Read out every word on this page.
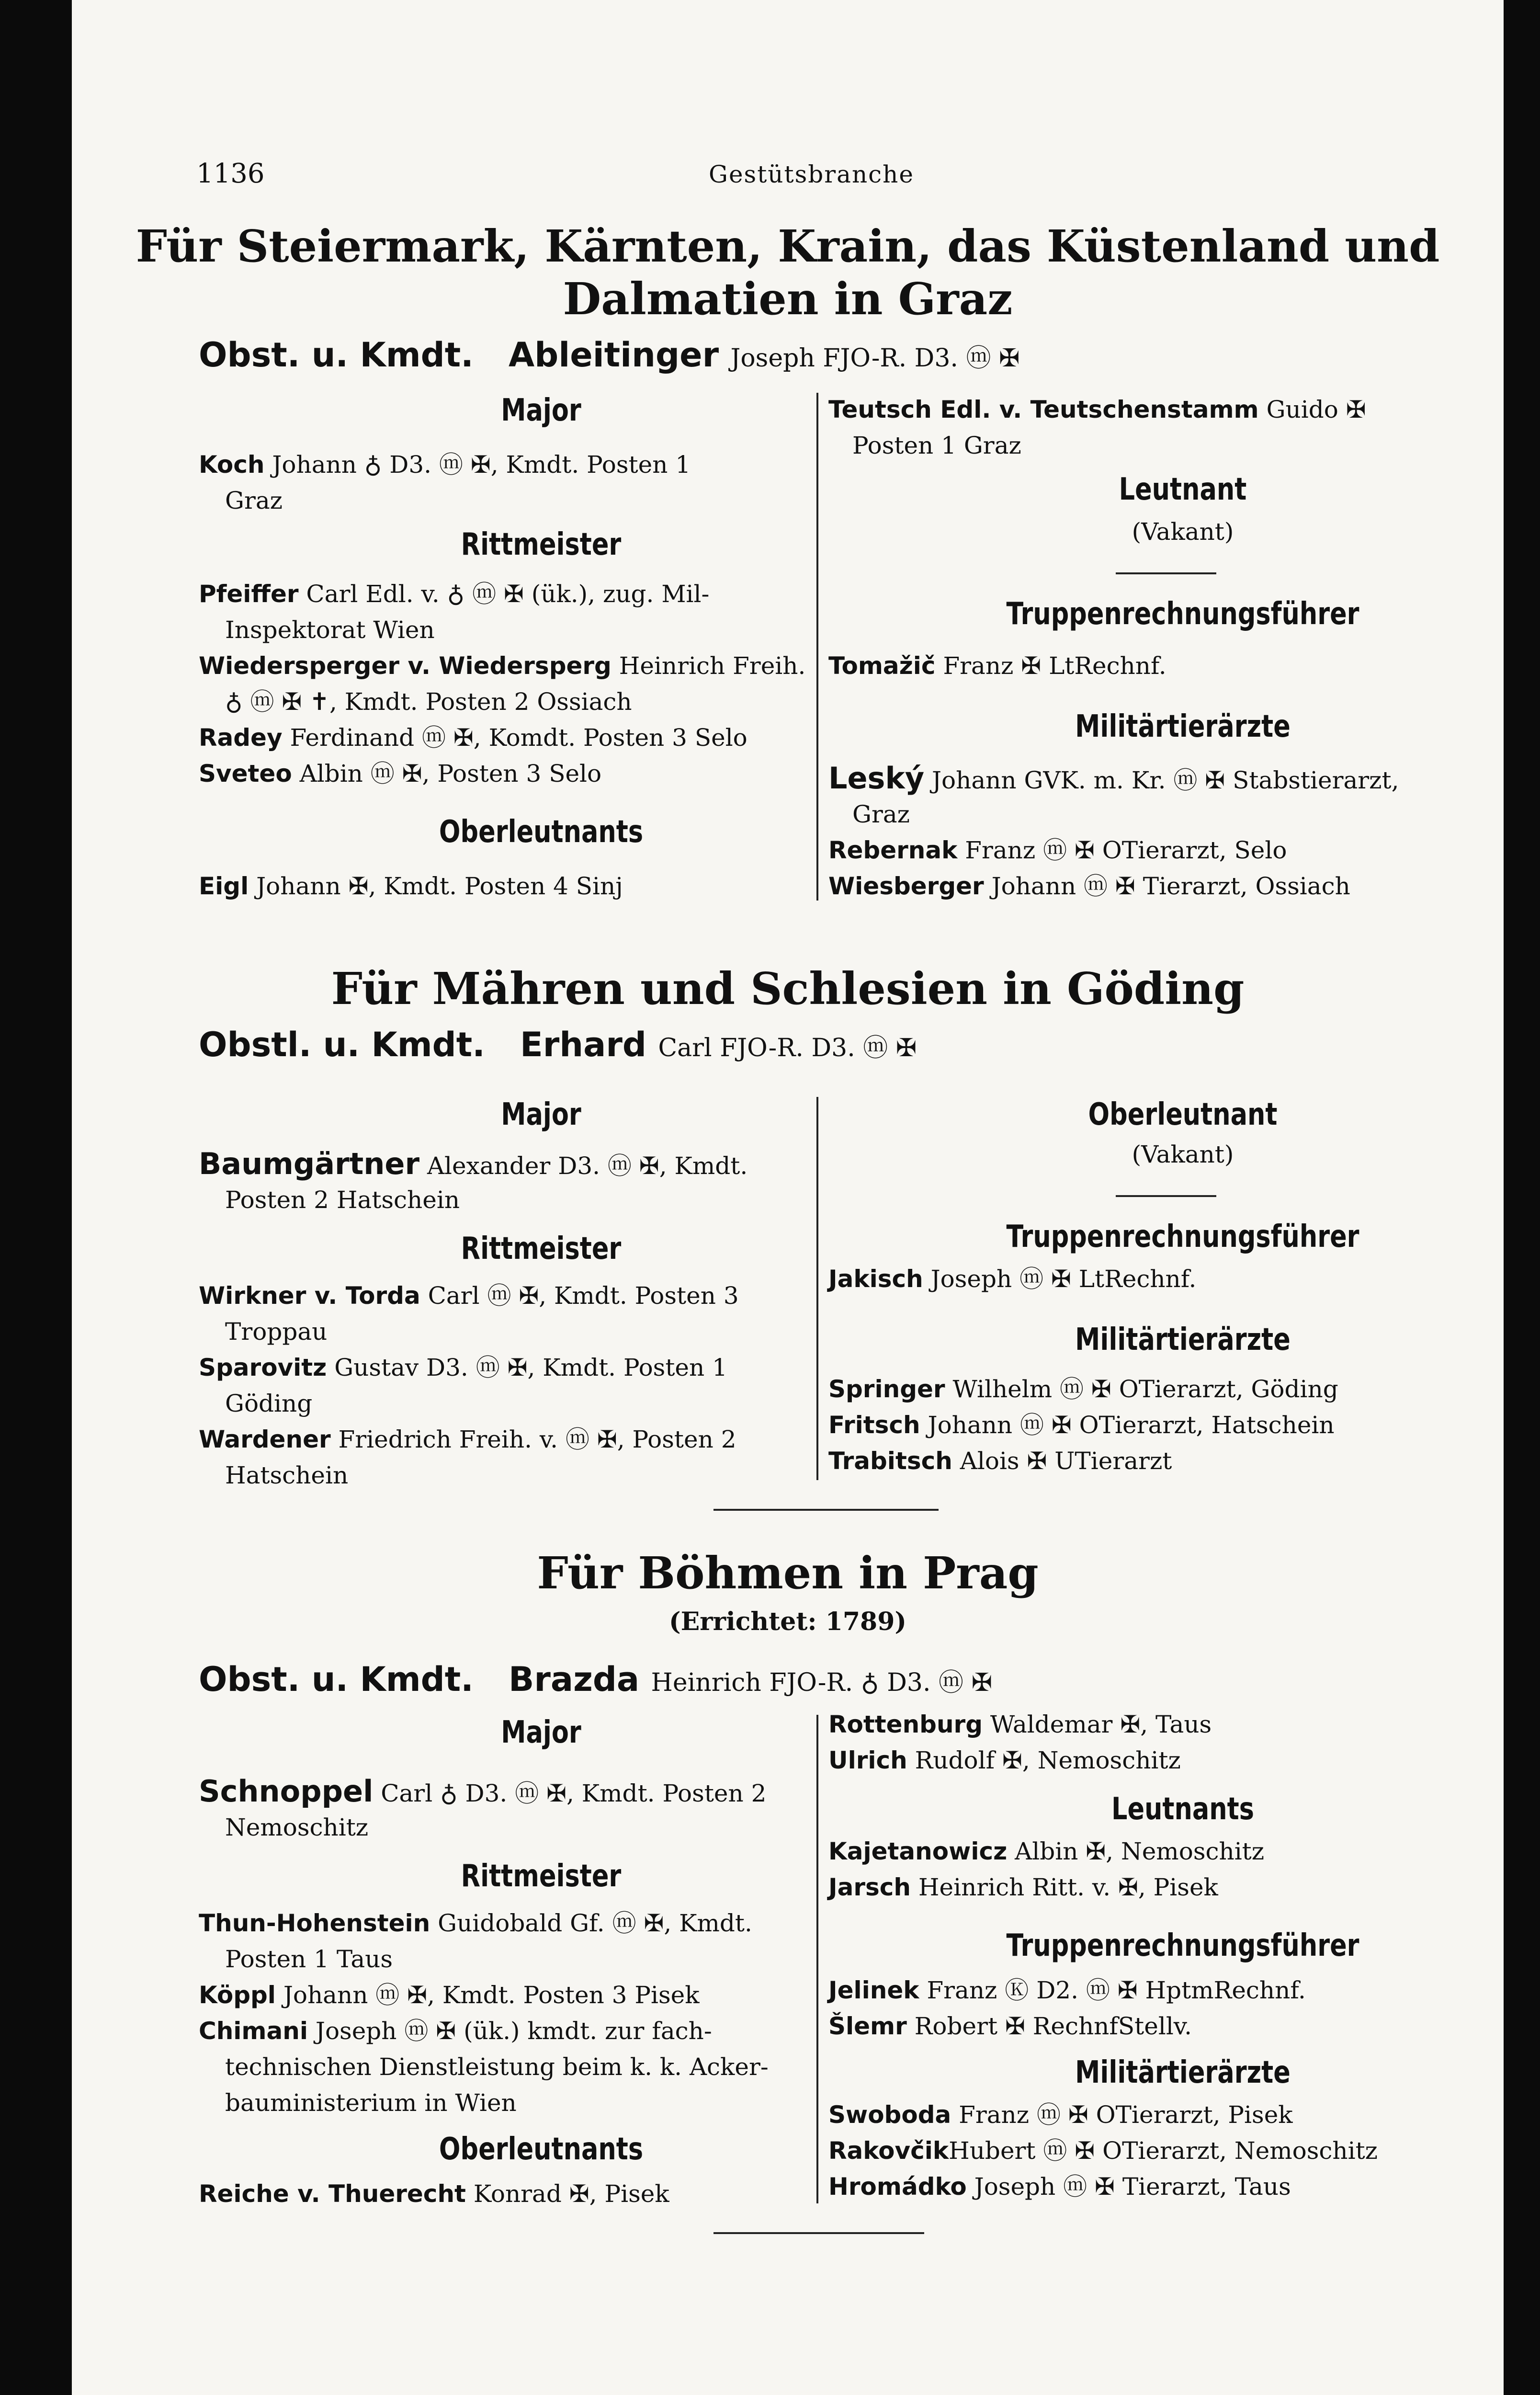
1136	Gestütsbranche
Für Steiermark, Kärnten, Krain, das Küstenland und
Dalmatien in Graz
Obst. u. Kmdt. Ableitinger Joseph FJO-R. D3. ⓜ ✠
Major
Koch Johann ♁ D3. ⓜ ✠, Kmdt. Posten 1
Graz
Rittmeister
Pfeiffer Carl Edl. v. ♁ ⓜ ✠ (ük.), zug. Mil-
Inspektorat Wien
Wiedersperger v. Wiedersperg Heinrich Freih.
♁ ⓜ ✠ ✝, Kmdt. Posten 2 Ossiach
Radey Ferdinand ⓜ ✠, Komdt. Posten 3 Selo
Sveteo Albin ⓜ ✠, Posten 3 Selo
Oberleutnants
Eigl Johann ✠, Kmdt. Posten 4 Sinj
Teutsch Edl. v. Teutschenstamm Guido ✠
Posten 1 Graz
Leutnant
(Vakant)
Truppenrechnungsführer
Tomažič Franz ✠ LtRechnf.
Militärtierärzte
Leský Johann GVK. m. Kr. ⓜ ✠ Stabstierarzt,
Graz
Rebernak Franz ⓜ ✠ OTierarzt, Selo
Wiesberger Johann ⓜ ✠ Tierarzt, Ossiach
Für Mähren und Schlesien in Göding
Obstl. u. Kmdt. Erhard Carl FJO-R. D3. ⓜ ✠
Major
Baumgärtner Alexander D3. ⓜ ✠, Kmdt.
Posten 2 Hatschein
Rittmeister
Wirkner v. Torda Carl ⓜ ✠, Kmdt. Posten 3
Troppau
Sparovitz Gustav D3. ⓜ ✠, Kmdt. Posten 1
Göding
Wardener Friedrich Freih. v. ⓜ ✠, Posten 2
Hatschein
Oberleutnant
(Vakant)
Truppenrechnungsführer
Jakisch Joseph ⓜ ✠ LtRechnf.
Militärtierärzte
Springer Wilhelm ⓜ ✠ OTierarzt, Göding
Fritsch Johann ⓜ ✠ OTierarzt, Hatschein
Trabitsch Alois ✠ UTierarzt
Für Böhmen in Prag
(Errichtet: 1789)
Obst. u. Kmdt. Brazda Heinrich FJO-R. ♁ D3. ⓜ ✠
Major
Schnoppel Carl ♁ D3. ⓜ ✠, Kmdt. Posten 2
Nemoschitz
Rittmeister
Thun-Hohenstein Guidobald Gf. ⓜ ✠, Kmdt.
Posten 1 Taus
Köppl Johann ⓜ ✠, Kmdt. Posten 3 Pisek
Chimani Joseph ⓜ ✠ (ük.) kmdt. zur fach-
technischen Dienstleistung beim k. k. Acker-
bauministerium in Wien
Oberleutnants
Reiche v. Thuerecht Konrad ✠, Pisek
Rottenburg Waldemar ✠, Taus
Ulrich Rudolf ✠, Nemoschitz
Leutnants
Kajetanowicz Albin ✠, Nemoschitz
Jarsch Heinrich Ritt. v. ✠, Pisek
Truppenrechnungsführer
Jelinek Franz Ⓚ D2. ⓜ ✠ HptmRechnf.
Šlemr Robert ✠ RechnfStellv.
Militärtierärzte
Swoboda Franz ⓜ ✠ OTierarzt, Pisek
RakovčikHubert ⓜ ✠ OTierarzt, Nemoschitz
Hromádko Joseph ⓜ ✠ Tierarzt, Taus
